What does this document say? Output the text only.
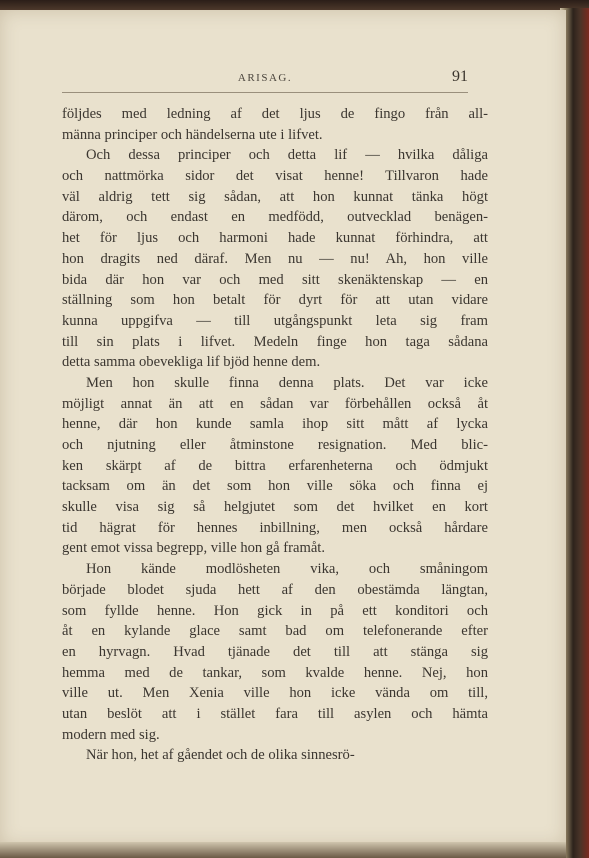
ARISAG.	91
följdes med ledning af det ljus de fingo från all-
männa principer och händelserna ute i lifvet.
Och dessa principer och detta lif — hvilka dåliga
och nattmörka sidor det visat henne! Tillvaron hade
väl aldrig tett sig sådan, att hon kunnat tänka högt
därom, och endast en medfödd, outvecklad benägen-
het för ljus och harmoni hade kunnat förhindra, att
hon dragits ned däraf. Men nu — nu! Ah, hon ville
bida där hon var och med sitt skenäktenskap — en
ställning som hon betalt för dyrt för att utan vidare
kunna uppgifva — till utgångspunkt leta sig fram
till sin plats i lifvet. Medeln finge hon taga sådana
detta samma obevekliga lif bjöd henne dem.
Men hon skulle finna denna plats. Det var icke
möjligt annat än att en sådan var förbehållen också åt
henne, där hon kunde samla ihop sitt mått af lycka
och njutning eller åtminstone resignation. Med blic-
ken skärpt af de bittra erfarenheterna och ödmjukt
tacksam om än det som hon ville söka och finna ej
skulle visa sig så helgjutet som det hvilket en kort
tid hägrat för hennes inbillning, men också hårdare
gent emot vissa begrepp, ville hon gå framåt.
Hon kände modlösheten vika, och småningom
började blodet sjuda hett af den obestämda längtan,
som fyllde henne. Hon gick in på ett konditori och
åt en kylande glace samt bad om telefonerande efter
en hyrvagn. Hvad tjänade det till att stänga sig
hemma med de tankar, som kvalde henne. Nej, hon
ville ut. Men Xenia ville hon icke vända om till,
utan beslöt att i stället fara till asylen och hämta
modern med sig.
När hon, het af gåendet och de olika sinnesrö-
